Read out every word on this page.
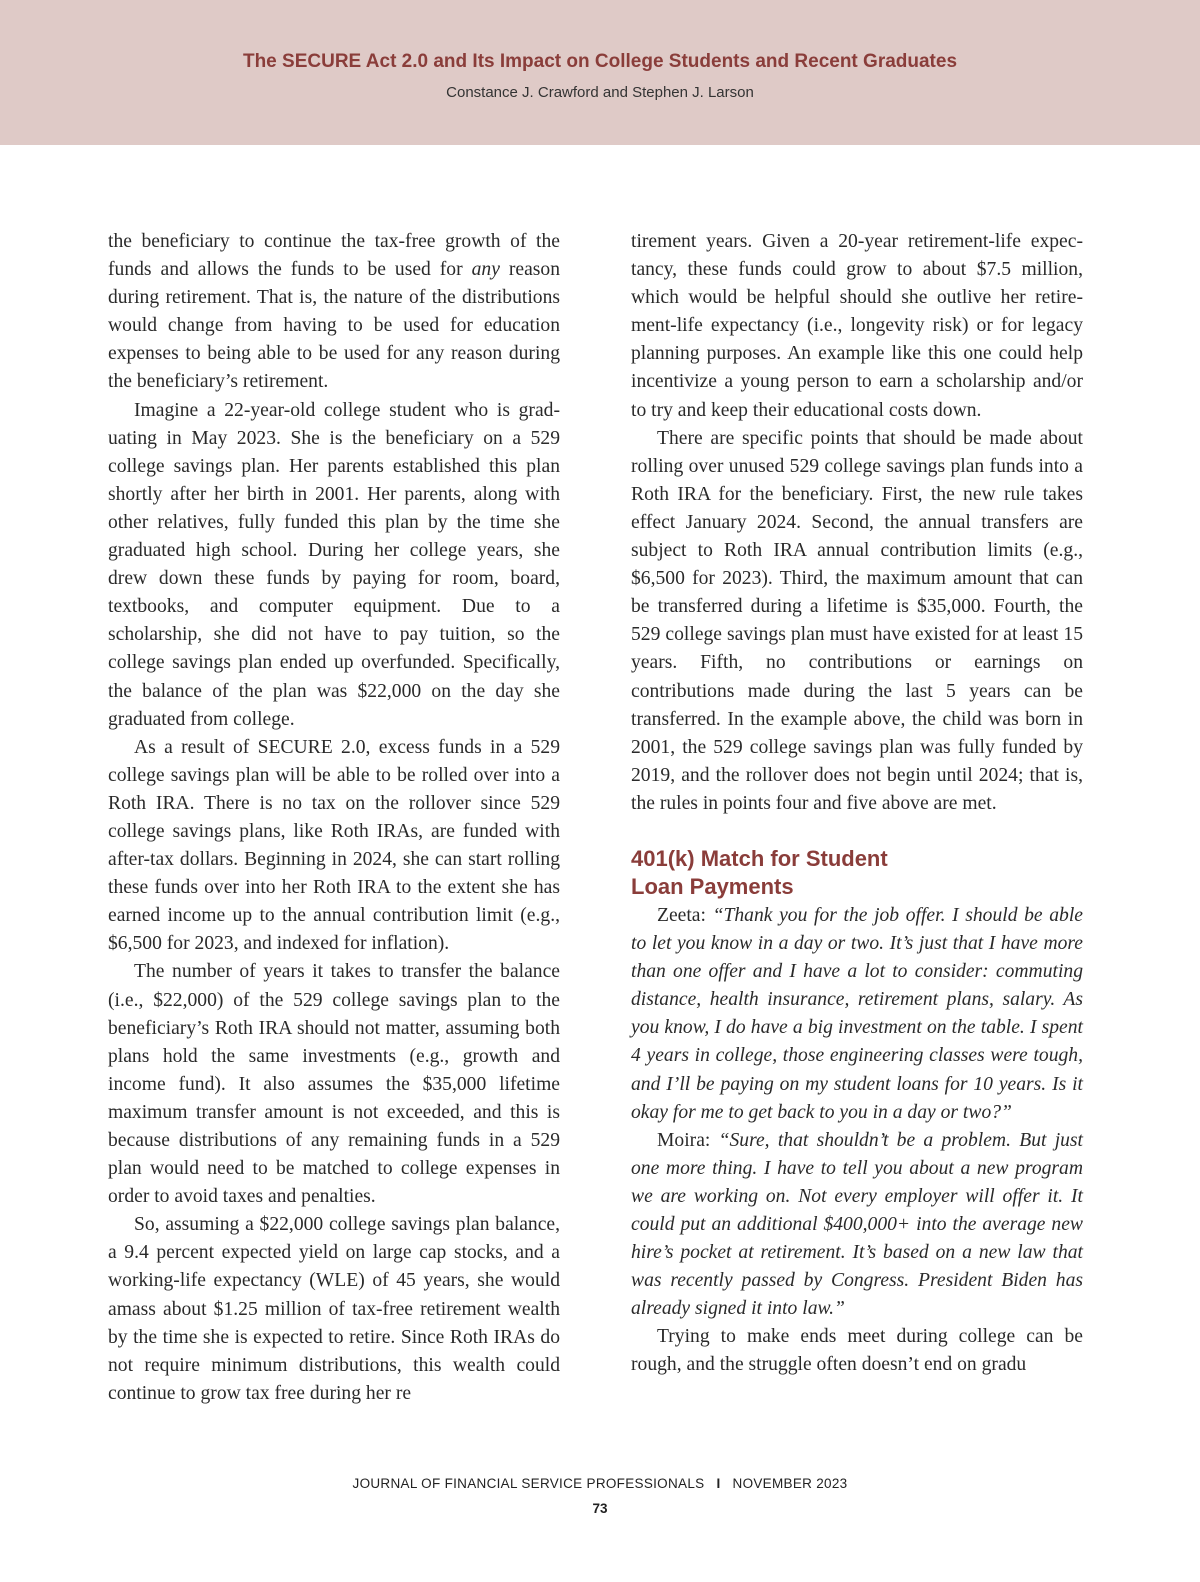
The SECURE Act 2.0 and Its Impact on College Students and Recent Graduates
Constance J. Crawford and Stephen J. Larson

the beneficiary to continue the tax-free growth of the funds and allows the funds to be used for any reason during retirement. That is, the nature of the distributions would change from having to be used for education expenses to being able to be used for any reason during the beneficiary’s retirement.

Imagine a 22-year-old college student who is graduating in May 2023. She is the beneficiary on a 529 college savings plan. Her parents established this plan shortly after her birth in 2001. Her parents, along with other relatives, fully funded this plan by the time she graduated high school. During her college years, she drew down these funds by paying for room, board, textbooks, and computer equipment. Due to a scholarship, she did not have to pay tuition, so the college savings plan ended up overfunded. Specifically, the balance of the plan was $22,000 on the day she graduated from college.

As a result of SECURE 2.0, excess funds in a 529 college savings plan will be able to be rolled over into a Roth IRA. There is no tax on the rollover since 529 college savings plans, like Roth IRAs, are funded with after-tax dollars. Beginning in 2024, she can start rolling these funds over into her Roth IRA to the extent she has earned income up to the annual contribution limit (e.g., $6,500 for 2023, and indexed for inflation).

The number of years it takes to transfer the balance (i.e., $22,000) of the 529 college savings plan to the beneficiary’s Roth IRA should not matter, assuming both plans hold the same investments (e.g., growth and income fund). It also assumes the $35,000 lifetime maximum transfer amount is not exceeded, and this is because distributions of any remaining funds in a 529 plan would need to be matched to college expenses in order to avoid taxes and penalties.

So, assuming a $22,000 college savings plan balance, a 9.4 percent expected yield on large cap stocks, and a working-life expectancy (WLE) of 45 years, she would amass about $1.25 million of tax-free retirement wealth by the time she is expected to retire. Since Roth IRAs do not require minimum distributions, this wealth could continue to grow tax free during her re

tirement years. Given a 20-year retirement-life expectancy, these funds could grow to about $7.5 million, which would be helpful should she outlive her retirement-life expectancy (i.e., longevity risk) or for legacy planning purposes. An example like this one could help incentivize a young person to earn a scholarship and/or to try and keep their educational costs down.

There are specific points that should be made about rolling over unused 529 college savings plan funds into a Roth IRA for the beneficiary. First, the new rule takes effect January 2024. Second, the annual transfers are subject to Roth IRA annual contribution limits (e.g., $6,500 for 2023). Third, the maximum amount that can be transferred during a lifetime is $35,000. Fourth, the 529 college savings plan must have existed for at least 15 years. Fifth, no contributions or earnings on contributions made during the last 5 years can be transferred. In the example above, the child was born in 2001, the 529 college savings plan was fully funded by 2019, and the rollover does not begin until 2024; that is, the rules in points four and five above are met.

401(k) Match for Student
Loan Payments

Zeeta: “Thank you for the job offer. I should be able to let you know in a day or two. It’s just that I have more than one offer and I have a lot to consider: commuting distance, health insurance, retirement plans, salary. As you know, I do have a big investment on the table. I spent 4 years in college, those engineering classes were tough, and I’ll be paying on my student loans for 10 years. Is it okay for me to get back to you in a day or two?”

Moira: “Sure, that shouldn’t be a problem. But just one more thing. I have to tell you about a new program we are working on. Not every employer will offer it. It could put an additional $400,000+ into the average new hire’s pocket at retirement. It’s based on a new law that was recently passed by Congress. President Biden has already signed it into law.”

Trying to make ends meet during college can be rough, and the struggle often doesn’t end on gradu

JOURNAL OF FINANCIAL SERVICE PROFESSIONALS I NOVEMBER 2023
73
